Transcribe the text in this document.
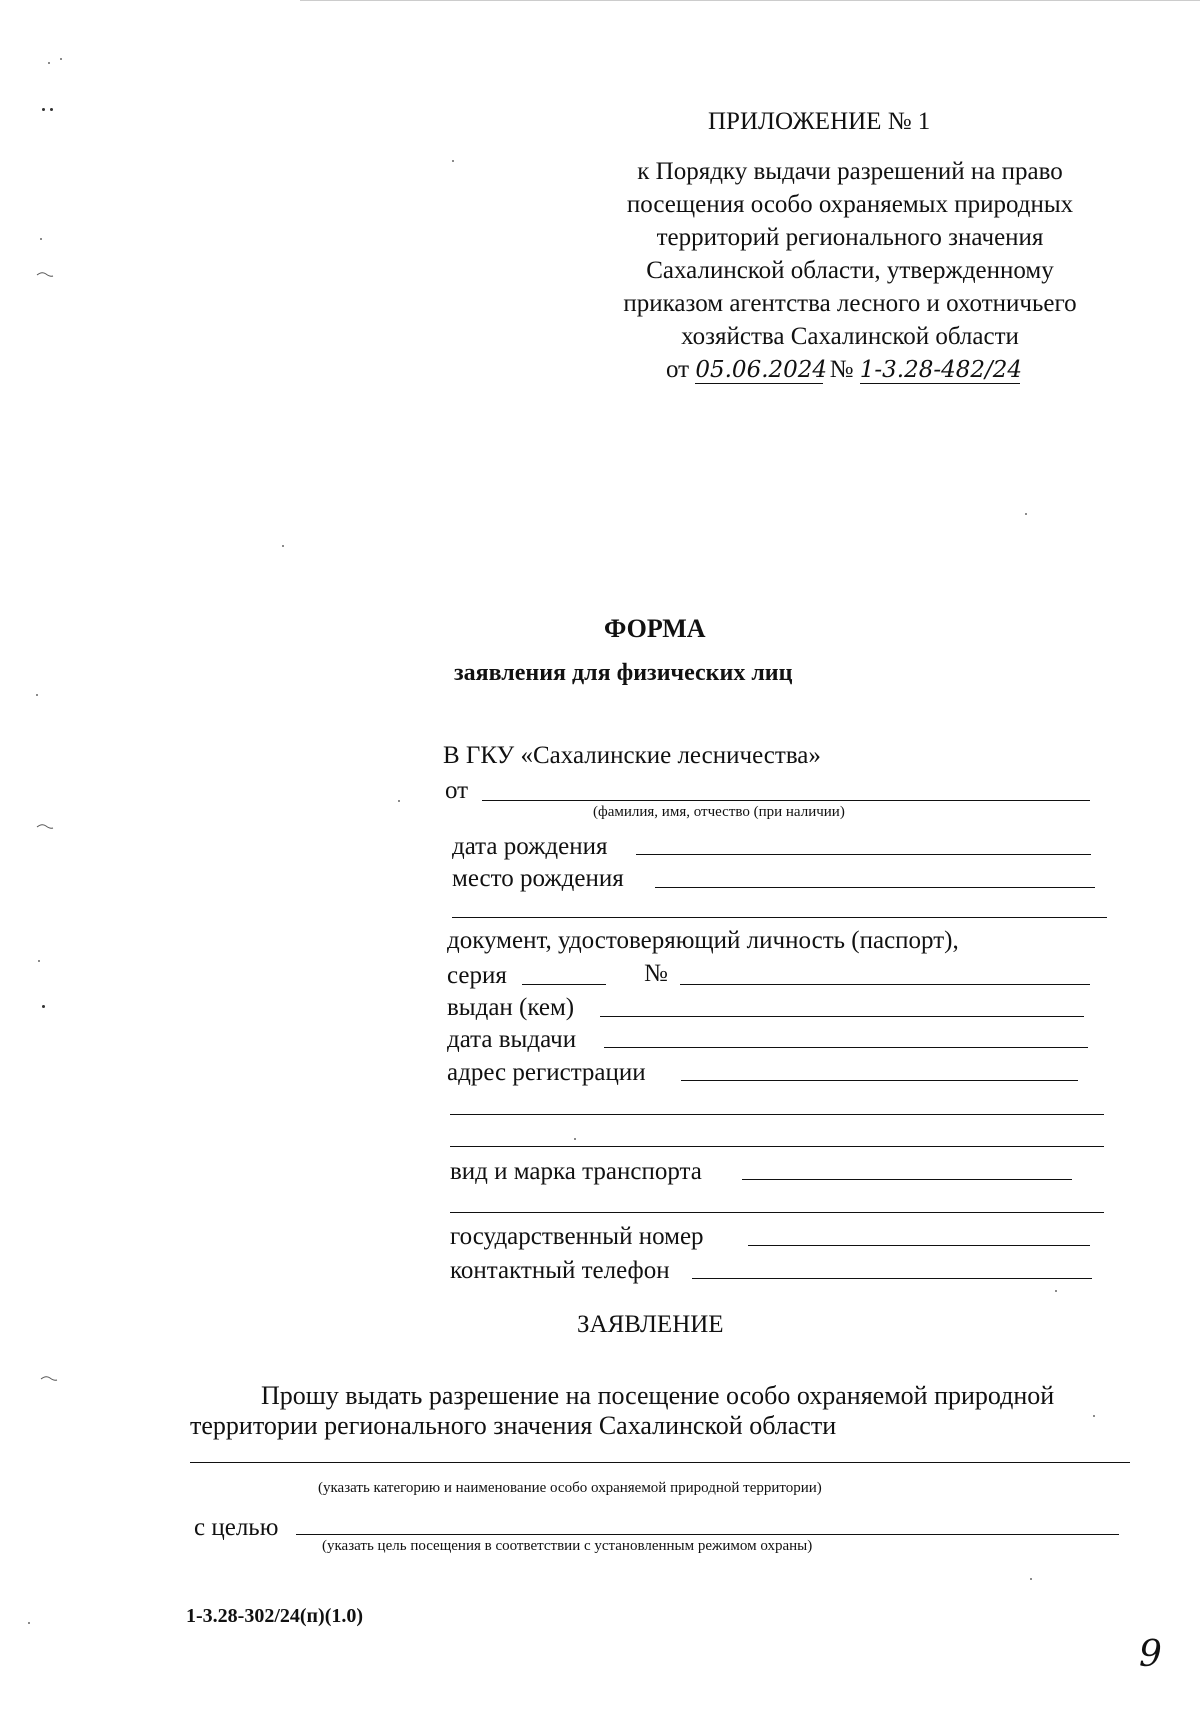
ПРИЛОЖЕНИЕ № 1
к Порядку выдачи разрешений на право
посещения особо охраняемых природных
территорий регионального значения
Сахалинской области, утвержденному
приказом агентства лесного и охотничьего
хозяйства Сахалинской области
от 05.06.2024 № 1-3.28-482/24
ФОРМА
заявления для физических лиц
В ГКУ «Сахалинские лесничества»
от
(фамилия, имя, отчество (при наличии)
дата рождения
место рождения
документ, удостоверяющий личность (паспорт),
серия	№
выдан (кем)
дата выдачи
адрес регистрации
вид и марка транспорта
государственный номер
контактный телефон
ЗАЯВЛЕНИЕ
Прошу выдать разрешение на посещение особо охраняемой природной
территории регионального значения Сахалинской области
(указать категорию и наименование особо охраняемой природной территории)
с целью
(указать цель посещения в соответствии с установленным режимом охраны)
1-3.28-302/24(п)(1.0)
9
